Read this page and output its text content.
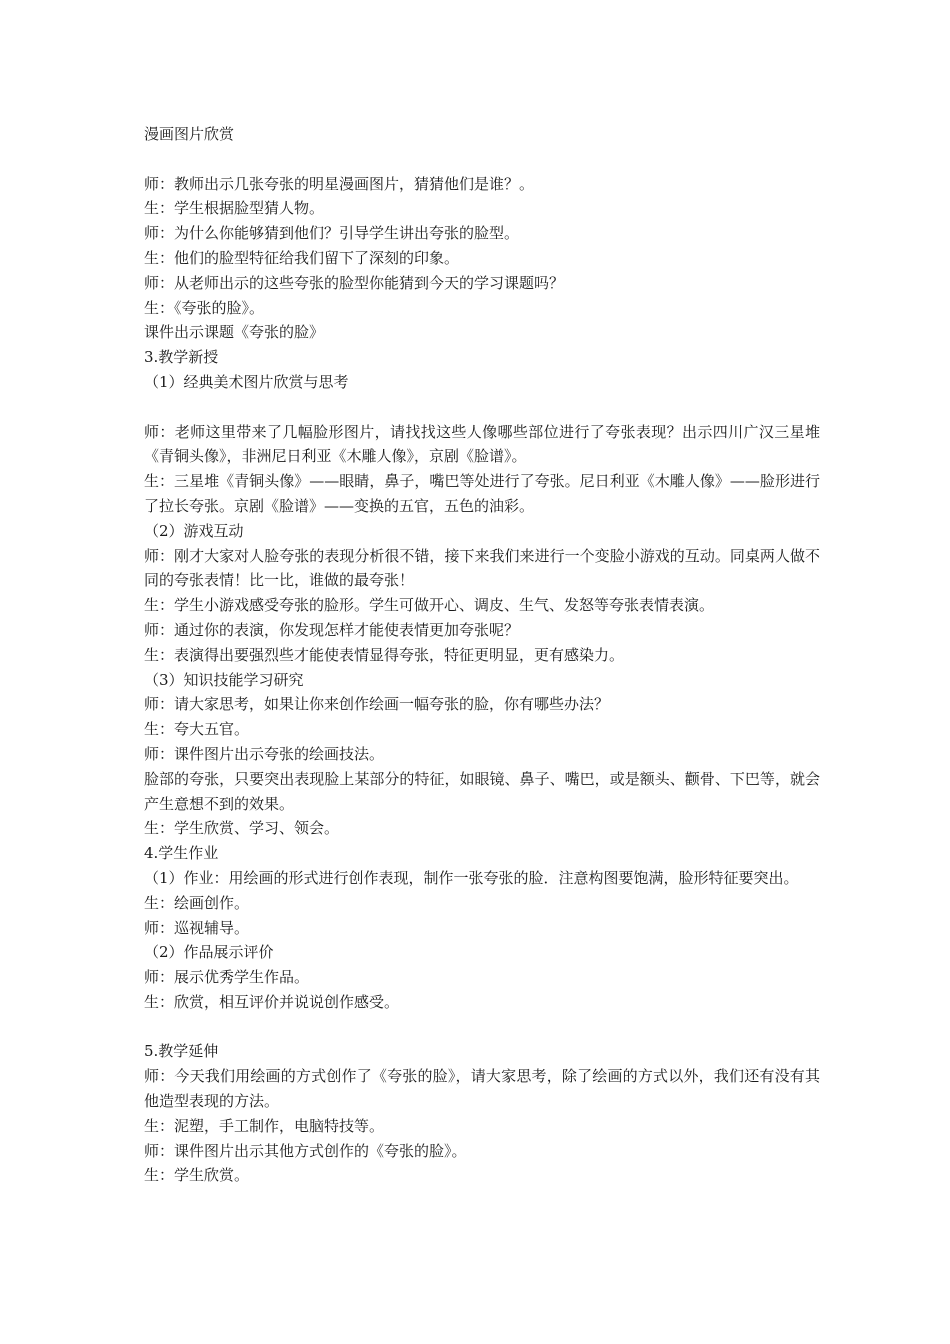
漫画图片欣赏

师：教师出示几张夸张的明星漫画图片，猜猜他们是谁？。

生：学生根据脸型猜人物。

师：为什么你能够猜到他们？引导学生讲出夸张的脸型。

生：他们的脸型特征给我们留下了深刻的印象。

师：从老师出示的这些夸张的脸型你能猜到今天的学习课题吗？

生：《夸张的脸》。

课件出示课题《夸张的脸》

3.教学新授

（1）经典美术图片欣赏与思考

师：老师这里带来了几幅脸形图片，请找找这些人像哪些部位进行了夸张表现？出示四川广汉三星堆《青铜头像》，非洲尼日利亚《木雕人像》，京剧《脸谱》。

生：三星堆《青铜头像》——眼睛，鼻子，嘴巴等处进行了夸张。尼日利亚《木雕人像》——脸形进行了拉长夸张。京剧《脸谱》——变换的五官，五色的油彩。

（2）游戏互动

师：刚才大家对人脸夸张的表现分析很不错，接下来我们来进行一个变脸小游戏的互动。同桌两人做不同的夸张表情！比一比，谁做的最夸张！

生：学生小游戏感受夸张的脸形。学生可做开心、调皮、生气、发怒等夸张表情表演。

师：通过你的表演，你发现怎样才能使表情更加夸张呢？

生：表演得出要强烈些才能使表情显得夸张，特征更明显，更有感染力。

（3）知识技能学习研究

师：请大家思考，如果让你来创作绘画一幅夸张的脸，你有哪些办法？

生：夸大五官。

师：课件图片出示夸张的绘画技法。

脸部的夸张，只要突出表现脸上某部分的特征，如眼镜、鼻子、嘴巴，或是额头、颧骨、下巴等，就会产生意想不到的效果。

生：学生欣赏、学习、领会。

4.学生作业

（1）作业：用绘画的形式进行创作表现，制作一张夸张的脸．注意构图要饱满，脸形特征要突出。

生：绘画创作。

师：巡视辅导。

（2）作品展示评价

师：展示优秀学生作品。

生：欣赏，相互评价并说说创作感受。

5.教学延伸

师：今天我们用绘画的方式创作了《夸张的脸》，请大家思考，除了绘画的方式以外，我们还有没有其他造型表现的方法。

生：泥塑，手工制作，电脑特技等。

师：课件图片出示其他方式创作的《夸张的脸》。

生：学生欣赏。
